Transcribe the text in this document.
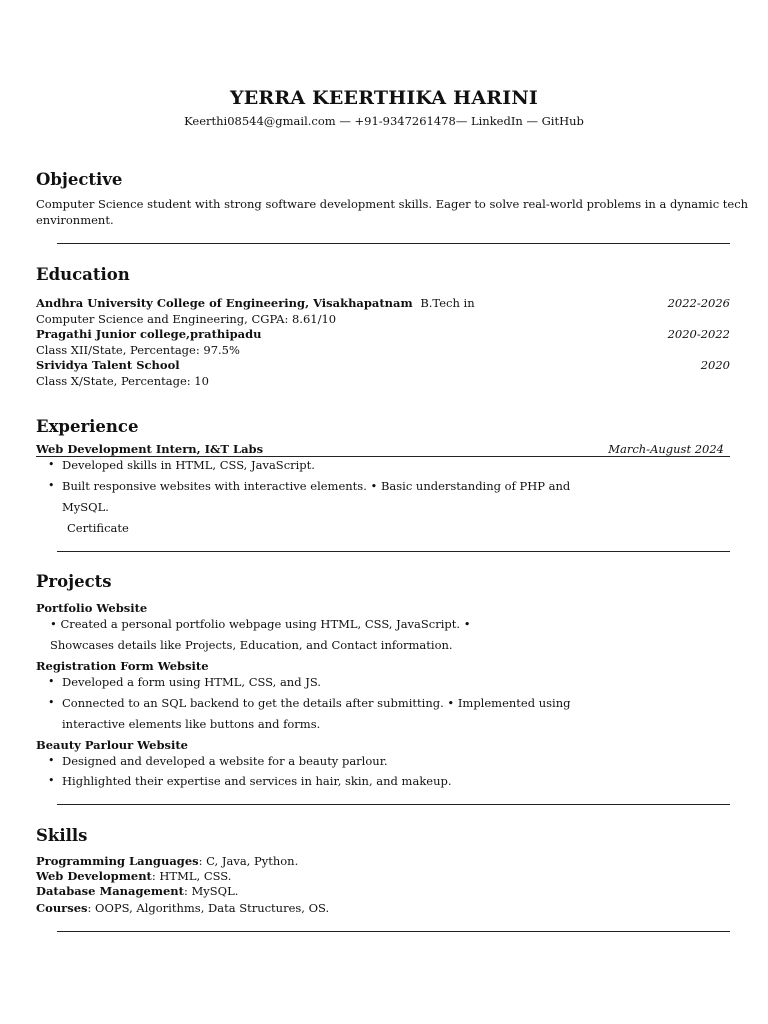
YERRA KEERTHIKA HARINI
Keerthi08544@gmail.com — +91-9347261478— LinkedIn — GitHub
Objective
Computer Science student with strong software development skills. Eager to solve real-world problems in a dynamic tech
environment.
Education
Andhra University College of Engineering, Visakhapatnam B.Tech in	2022-2026
Computer Science and Engineering, CGPA: 8.61/10
Pragathi Junior college,prathipadu	2020-2022
Class XII/State, Percentage: 97.5%
Srividya Talent School	2020
Class X/State, Percentage: 10
Experience
Web Development Intern, I&T Labs	March-August 2024
• Developed skills in HTML, CSS, JavaScript.
• Built responsive websites with interactive elements. • Basic understanding of PHP and
MySQL.
Certificate
Projects
Portfolio Website
• Created a personal portfolio webpage using HTML, CSS, JavaScript. •
Showcases details like Projects, Education, and Contact information.
Registration Form Website
• Developed a form using HTML, CSS, and JS.
• Connected to an SQL backend to get the details after submitting. • Implemented using
interactive elements like buttons and forms.
Beauty Parlour Website
• Designed and developed a website for a beauty parlour.
• Highlighted their expertise and services in hair, skin, and makeup.
Skills
Programming Languages: C, Java, Python.
Web Development: HTML, CSS.
Database Management: MySQL.
Courses: OOPS, Algorithms, Data Structures, OS.
